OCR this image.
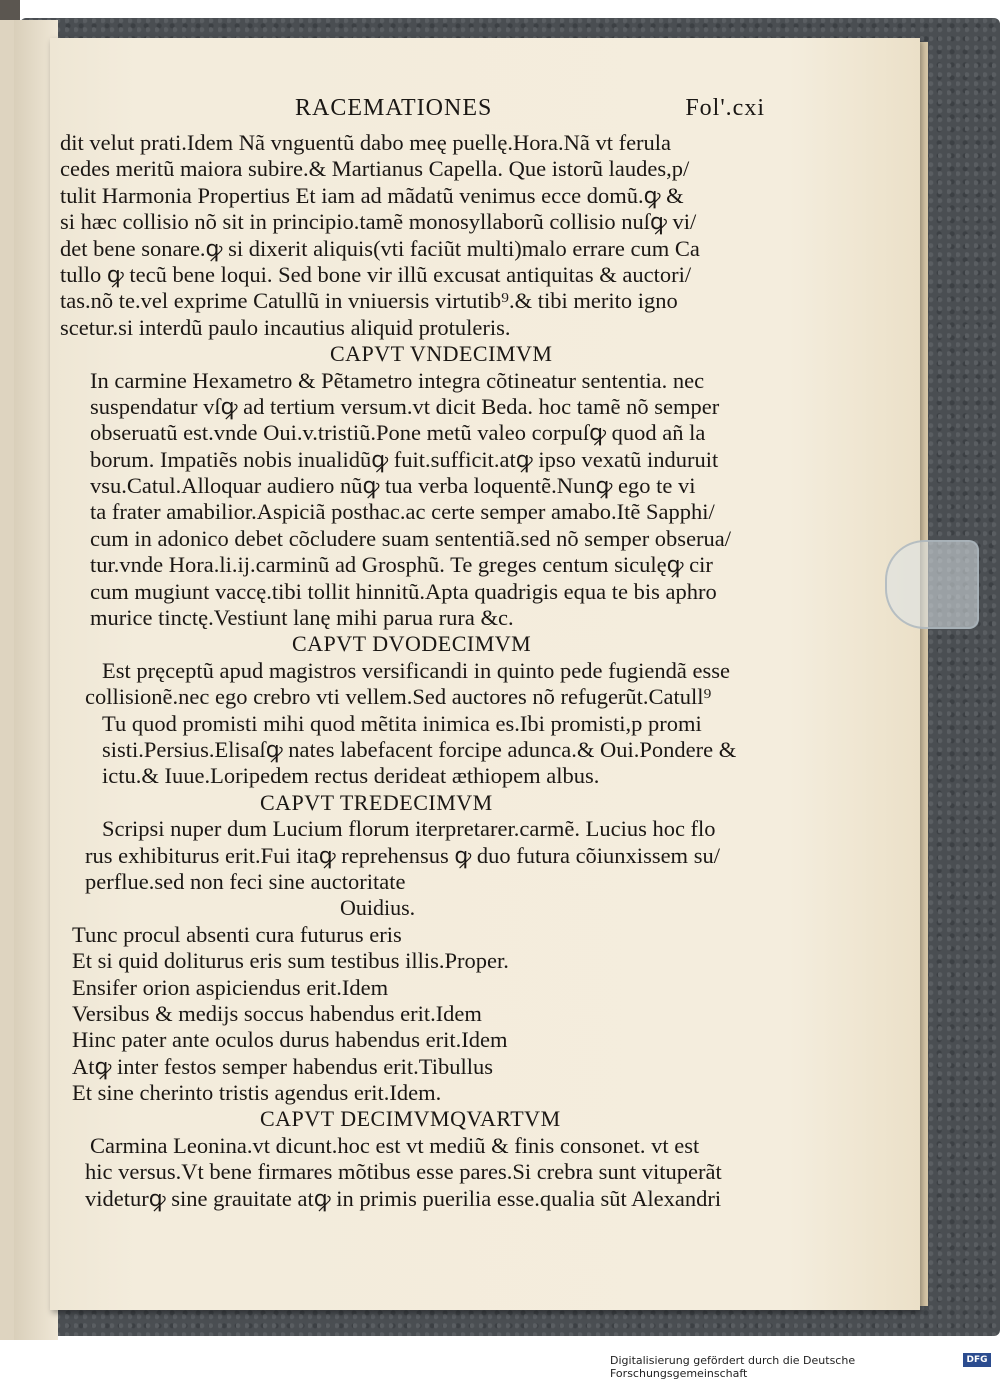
RACEMATIONES	Fol'.cxi
dit velut prati.Idem Nã vnguentũ dabo meę puellę.Hora.Nã vt ferula
cedes meritũ maiora subire.& Martianus Capella. Que istorũ laudes,p/
tulit Harmonia Propertius Et iam ad mãdatũ venimus ecce domũ.ꝙ &
si hæc collisio nõ sit in principio.tamẽ monosyllaborũ collisio nuſꝙ vi/
det bene sonare.ꝙ si dixerit aliquis(vti faciũt multi)malo errare cum Ca
tullo ꝙ tecũ bene loqui. Sed bone vir illũ excusat antiquitas & auctori/
tas.nõ te.vel exprime Catullũ in vniuersis virtutib⁹.& tibi merito igno
scetur.si interdũ paulo incautius aliquid protuleris.
CAPVT VNDECIMVM
In carmine Hexametro & Pẽtametro integra cõtineatur sententia. nec
suspendatur vſꝙ ad tertium versum.vt dicit Beda. hoc tamẽ nõ semper
obseruatũ est.vnde Oui.v.tristiũ.Pone metũ valeo corpuſꝙ quod añ la
borum. Impatiẽs nobis inualidũꝙ fuit.sufficit.atꝙ ipso vexatũ induruit
vsu.Catul.Alloquar audiero nũꝙ tua verba loquentẽ.Nunꝙ ego te vi
ta frater amabilior.Aspiciã posthac.ac certe semper amabo.Itẽ Sapphi/
cum in adonico debet cõcludere suam sententiã.sed nõ semper obserua/
tur.vnde Hora.li.ij.carminũ ad Grosphũ. Te greges centum siculęꝙ cir
cum mugiunt vaccę.tibi tollit hinnitũ.Apta quadrigis equa te bis aphro
murice tinctę.Vestiunt lanę mihi parua rura &c.
CAPVT DVODECIMVM
Est pręceptũ apud magistros versificandi in quinto pede fugiendã esse
collisionẽ.nec ego crebro vti vellem.Sed auctores nõ refugerũt.Catull⁹
Tu quod promisti mihi quod mẽtita inimica es.Ibi promisti,p promi
sisti.Persius.Elisaſꝙ nates labefacent forcipe adunca.& Oui.Pondere &
ictu.& Iuue.Loripedem rectus derideat æthiopem albus.
CAPVT TREDECIMVM
Scripsi nuper dum Lucium florum iterpretarer.carmẽ. Lucius hoc flo
rus exhibiturus erit.Fui itaꝙ reprehensus ꝙ duo futura cõiunxissem su/
perflue.sed non feci sine auctoritate
Ouidius.
Tunc procul absenti cura futurus eris
Et si quid doliturus eris sum testibus illis.Proper.
Ensifer orion aspiciendus erit.Idem
Versibus & medijs soccus habendus erit.Idem
Hinc pater ante oculos durus habendus erit.Idem
Atꝙ inter festos semper habendus erit.Tibullus
Et sine cherinto tristis agendus erit.Idem.
CAPVT DECIMVMQVARTVM
Carmina Leonina.vt dicunt.hoc est vt mediũ & finis consonet. vt est
hic versus.Vt bene firmares mõtibus esse pares.Si crebra sunt vituperãt
videturꝙ sine grauitate atꝙ in primis puerilia esse.qualia sũt Alexandri
Digitalisierung gefördert durch die Deutsche Forschungsgemeinschaft
DFG
